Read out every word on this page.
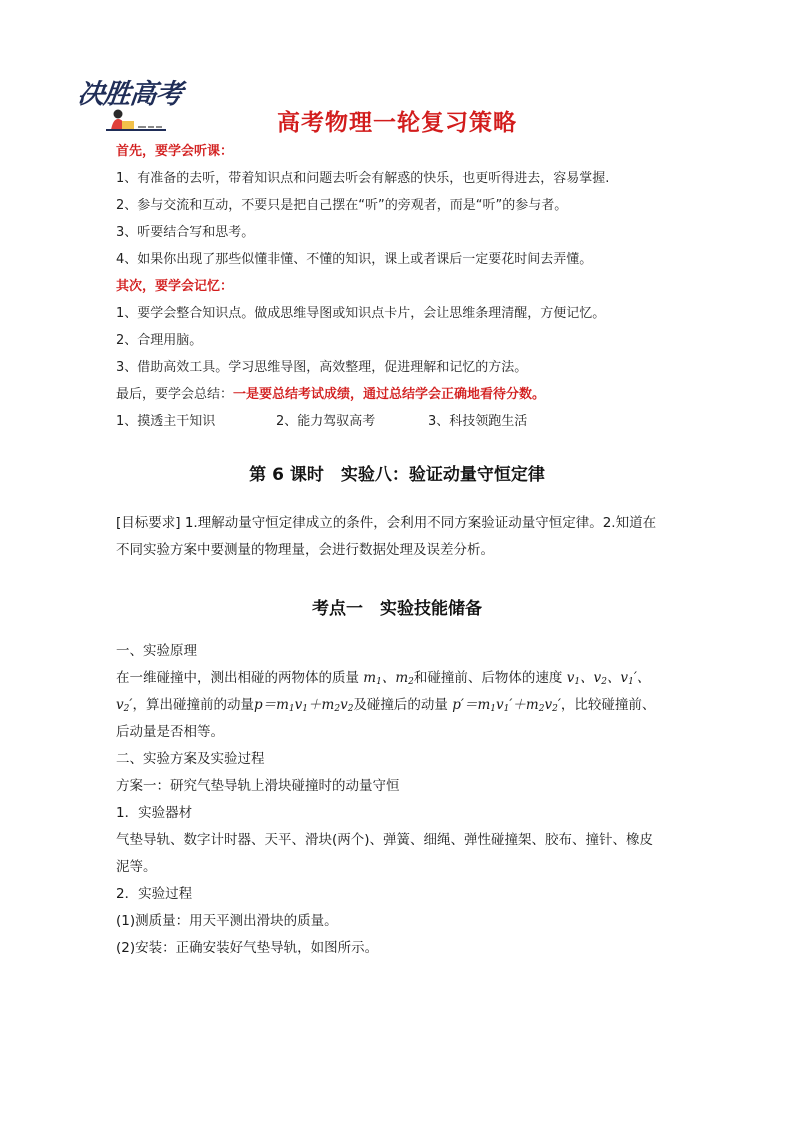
决胜高考
高考物理一轮复习策略
首先，要学会听课：
1、有准备的去听，带着知识点和问题去听会有解惑的快乐，也更听得进去，容易掌握.
2、参与交流和互动，不要只是把自己摆在“听”的旁观者，而是“听”的参与者。
3、听要结合写和思考。
4、如果你出现了那些似懂非懂、不懂的知识，课上或者课后一定要花时间去弄懂。
其次，要学会记忆：
1、要学会整合知识点。做成思维导图或知识点卡片，会让思维条理清醒，方便记忆。
2、合理用脑。
3、借助高效工具。学习思维导图，高效整理，促进理解和记忆的方法。
最后，要学会总结：一是要总结考试成绩，通过总结学会正确地看待分数。
1、摸透主干知识	2、能力驾驭高考	3、科技领跑生活
第 6 课时　实验八：验证动量守恒定律
[目标要求] 1.理解动量守恒定律成立的条件，会利用不同方案验证动量守恒定律。2.知道在
不同实验方案中要测量的物理量，会进行数据处理及误差分析。
考点一　实验技能储备
一、实验原理
在一维碰撞中，测出相碰的两物体的质量 $m_1$、$m_2$和碰撞前、后物体的速度 $v_1$、$v_2$、$v_1'$、
$v_2'$，算出碰撞前的动量$p=m_1v_1+m_2v_2$及碰撞后的动量 $p'=m_1v_1'+m_2v_2'$，比较碰撞前、
后动量是否相等。
二、实验方案及实验过程
方案一：研究气垫导轨上滑块碰撞时的动量守恒
1．实验器材
气垫导轨、数字计时器、天平、滑块(两个)、弹簧、细绳、弹性碰撞架、胶布、撞针、橡皮
泥等。
2．实验过程
(1)测质量：用天平测出滑块的质量。
(2)安装：正确安装好气垫导轨，如图所示。
